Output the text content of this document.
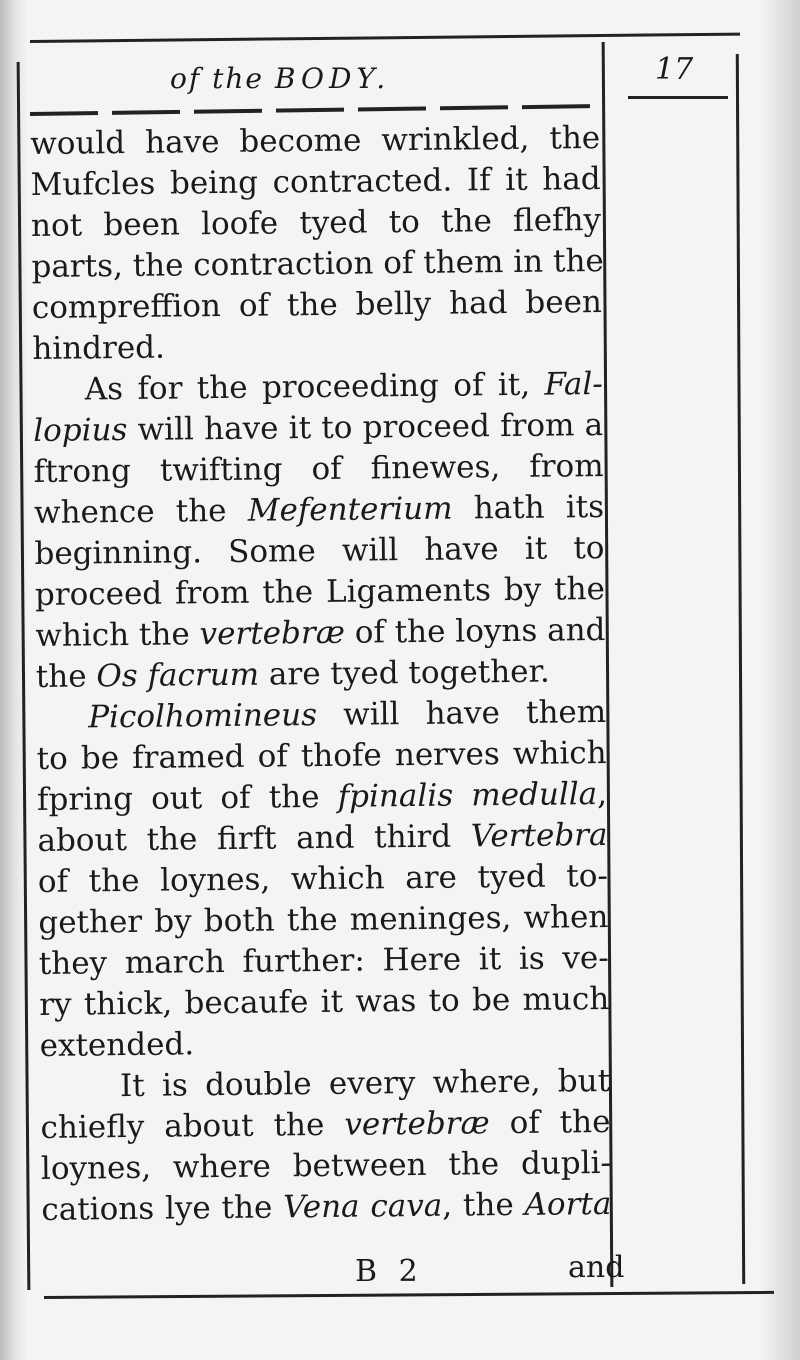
of the BODY.	17
would have become wrinkled, the
Mufcles being contracted. If it had
not been loofe tyed to the flefhy
parts, the contraction of them in the
compreffion of the belly had been
hindred.
As for the proceeding of it, Fal-
lopius will have it to proceed from a
ftrong twifting of finewes, from
whence the Mefenterium hath its
beginning. Some will have it to
proceed from the Ligaments by the
which the vertebræ of the loyns and
the Os facrum are tyed together.
Picolhomineus will have them
to be framed of thofe nerves which
fpring out of the fpinalis medulla,
about the firft and third Vertebra
of the loynes, which are tyed to-
gether by both the meninges, when
they march further: Here it is ve-
ry thick, becaufe it was to be much
extended.
It is double every where, but
chiefly about the vertebræ of the
loynes, where between the dupli-
cations lye the Vena cava, the Aorta
B 2	and
